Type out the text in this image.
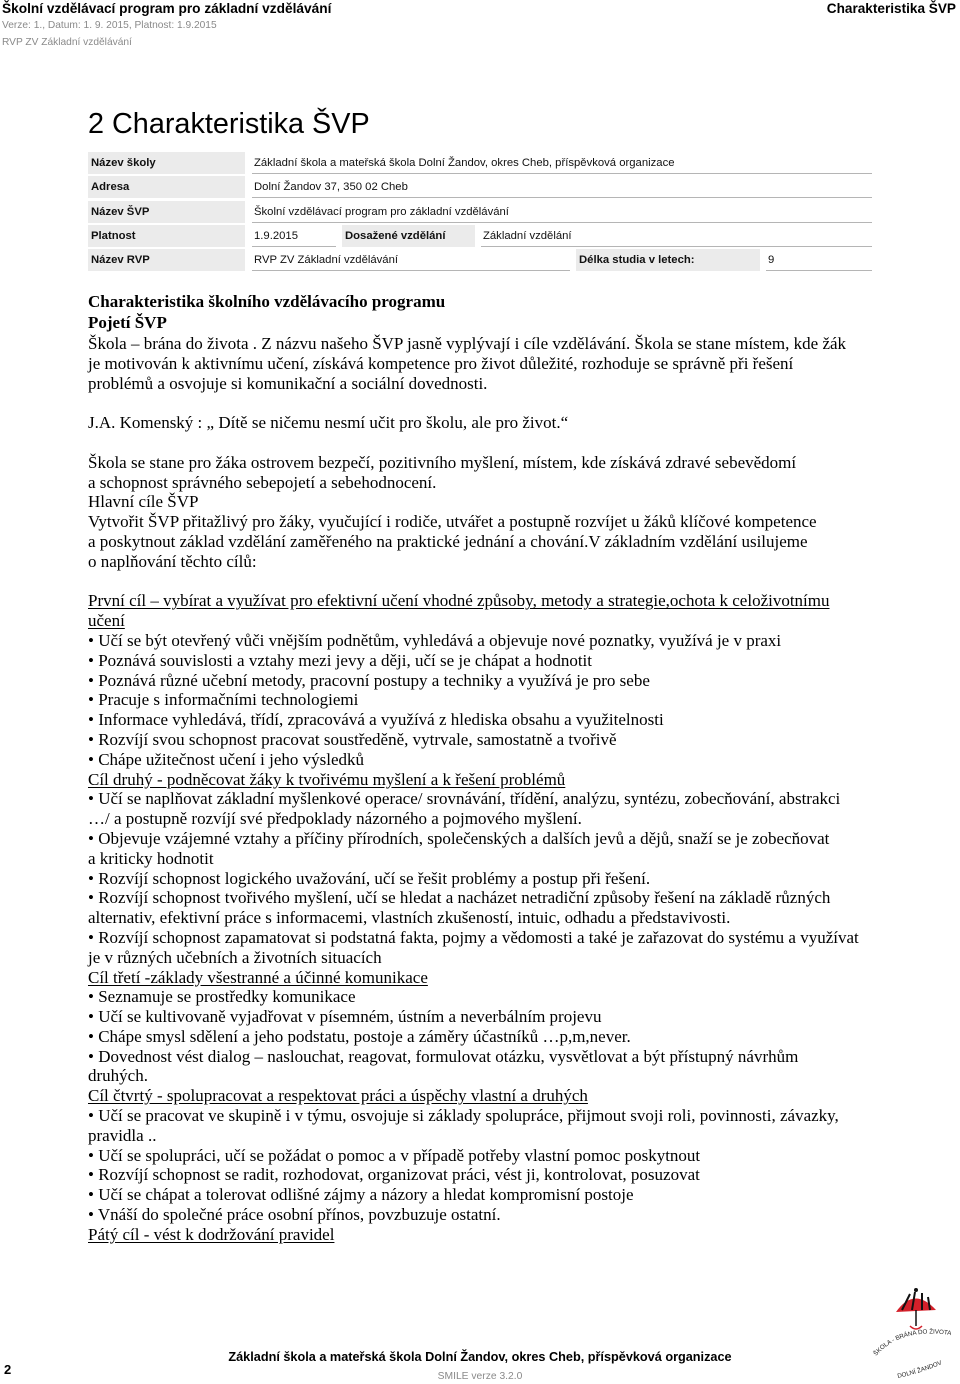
Školní vzdělávací program pro základní vzdělávání
Verze: 1., Datum: 1. 9. 2015, Platnost: 1.9.2015
RVP ZV Základní vzdělávání
Charakteristika ŠVP
2 Charakteristika ŠVP
Název školy	Základní škola a mateřská škola Dolní Žandov, okres Cheb, příspěvková organizace
Adresa	Dolní Žandov 37, 350 02 Cheb
Název ŠVP	Školní vzdělávací program pro základní vzdělávání
Platnost	1.9.2015	Dosažené vzdělání	Základní vzdělání
Název RVP	RVP ZV Základní vzdělávání	Délka studia v letech:	9
Charakteristika školního vzdělávacího programu
Pojetí ŠVP
Škola – brána do života . Z názvu našeho ŠVP jasně vyplývají i cíle vzdělávání. Škola se stane místem, kde žák
je motivován k aktivnímu učení, získává kompetence pro život důležité, rozhoduje se správně při řešení
problémů a osvojuje si komunikační a sociální dovednosti.
J.A. Komenský : „ Dítě se ničemu nesmí učit pro školu, ale pro život.“
Škola se stane pro žáka ostrovem bezpečí, pozitivního myšlení, místem, kde získává zdravé sebevědomí
a schopnost správného sebepojetí a sebehodnocení.
Hlavní cíle ŠVP
Vytvořit ŠVP přitažlivý pro žáky, vyučující i rodiče, utvářet a postupně rozvíjet u žáků klíčové kompetence
a poskytnout základ vzdělání zaměřeného na praktické jednání a chování.V základním vzdělání usilujeme
o naplňování těchto cílů:
První cíl – vybírat a využívat pro efektivní učení vhodné způsoby, metody a strategie,ochota k celoživotnímu
učení
• Učí se být otevřený vůči vnějším podnětům, vyhledává a objevuje nové poznatky, využívá je v praxi
• Poznává souvislosti a vztahy mezi jevy a ději, učí se je chápat a hodnotit
• Poznává různé učební metody, pracovní postupy a techniky a využívá je pro sebe
• Pracuje s informačními technologiemi
• Informace vyhledává, třídí, zpracovává a využívá z hlediska obsahu a využitelnosti
• Rozvíjí svou schopnost pracovat soustředěně, vytrvale, samostatně a tvořivě
• Chápe užitečnost učení i jeho výsledků
Cíl druhý - podněcovat žáky k tvořivému myšlení a k řešení problémů
• Učí se naplňovat základní myšlenkové operace/ srovnávání, třídění, analýzu, syntézu, zobecňování, abstrakci
…/ a postupně rozvíjí své předpoklady názorného a pojmového myšlení.
• Objevuje vzájemné vztahy a příčiny přírodních, společenských a dalších jevů a dějů, snaží se je zobecňovat
a kriticky hodnotit
• Rozvíjí schopnost logického uvažování, učí se řešit problémy a postup při řešení.
• Rozvíjí schopnost tvořivého myšlení, učí se hledat a nacházet netradiční způsoby řešení na základě různých
alternativ, efektivní práce s informacemi, vlastních zkušeností, intuic, odhadu a představivosti.
• Rozvíjí schopnost zapamatovat si podstatná fakta, pojmy a vědomosti a také je zařazovat do systému a využívat
je v různých učebních a životních situacích
Cíl třetí -základy všestranné a účinné komunikace
• Seznamuje se prostředky komunikace
• Učí se kultivovaně vyjadřovat v písemném, ústním a neverbálním projevu
• Chápe smysl sdělení a jeho podstatu, postoje a záměry účastníků …p,m,never.
• Dovednost vést dialog – naslouchat, reagovat, formulovat otázku, vysvětlovat a být přístupný návrhům
druhých.
Cíl čtvrtý - spolupracovat a respektovat práci a úspěchy vlastní a druhých
• Učí se pracovat ve skupině i v týmu, osvojuje si základy spolupráce, přijmout svoji roli, povinnosti, závazky,
pravidla ..
• Učí se spolupráci, učí se požádat o pomoc a v případě potřeby vlastní pomoc poskytnout
• Rozvíjí schopnost se radit, rozhodovat, organizovat práci, vést ji, kontrolovat, posuzovat
• Učí se chápat a tolerovat odlišné zájmy a názory a hledat kompromisní postoje
• Vnáší do společné práce osobní přínos, povzbuzuje ostatní.
Pátý cíl - vést k dodržování pravidel
Základní škola a mateřská škola Dolní Žandov, okres Cheb, příspěvková organizace
SMILE verze 3.2.0
2
ŠKOLA - BRÁNA DO ŽIVOTA
DOLNÍ ŽANDOV
